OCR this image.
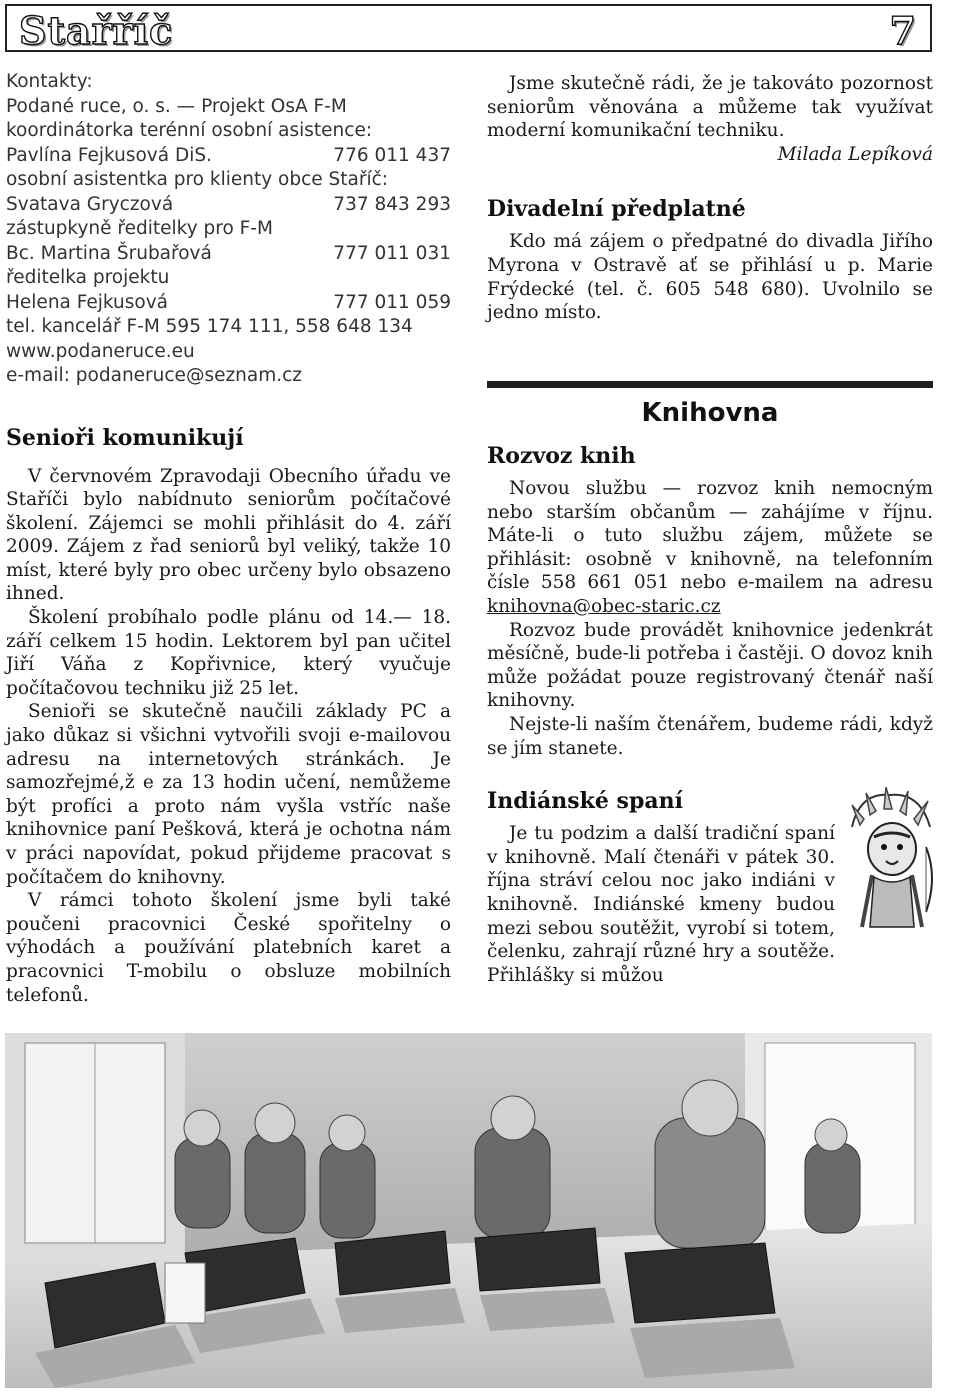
Stařříč	7

Kontakty:

Podané ruce, o. s. — Projekt OsA F-M

koordinátorka terénní osobní asistence:

Pavlína Fejkusová DiS.	776 011 437

osobní asistentka pro klienty obce Staříč:

Svatava Gryczová	737 843 293

zástupkyně ředitelky pro F-M

Bc. Martina Šrubařová	777 011 031

ředitelka projektu

Helena Fejkusová	777 011 059

tel. kancelář F-M 595 174 111, 558 648 134

www.podaneruce.eu

e-mail: podaneruce@seznam.cz

Senioři komunikují

V červnovém Zpravodaji Obecního úřadu ve Staříči bylo nabídnuto seniorům počítačové školení. Zájemci se mohli přihlásit do 4. září 2009. Zájem z řad seniorů byl veliký, takže 10 míst, které byly pro obec určeny bylo obsazeno ihned.

Školení probíhalo podle plánu od 14.— 18. září celkem 15 hodin. Lektorem byl pan učitel Jiří Váňa z Kopřivnice, který vyučuje počítačovou techniku již 25 let.

Senioři se skutečně naučili základy PC a jako důkaz si všichni vytvořili svoji e-mailovou adresu na internetových stránkách. Je samozřejmé,ž e za 13 hodin učení, nemůžeme být profíci a proto nám vyšla vstříc naše knihovnice paní Pešková, která je ochotna nám v práci napovídat, pokud přijdeme pracovat s počítačem do knihovny.

V rámci tohoto školení jsme byli také poučeni pracovnici České spořitelny o výhodách a používání platebních karet a pracovnici T-mobilu o obsluze mobilních telefonů.

Jsme skutečně rádi, že je takováto pozornost seniorům věnována a můžeme tak využívat moderní komunikační techniku.

Milada Lepíková

Divadelní předplatné

Kdo má zájem o předpatné do divadla Jiřího Myrona v Ostravě ať se přihlásí u p. Marie Frýdecké (tel. č. 605 548 680). Uvolnilo se jedno místo.

Knihovna
Rozvoz knih

Novou službu — rozvoz knih nemocným nebo starším občanům — zahájíme v říjnu. Máte-li o tuto službu zájem, můžete se přihlásit: osobně v knihovně, na telefonním čísle 558 661 051 nebo e-mailem na adresu knihovna@obec-staric.cz

Rozvoz bude provádět knihovnice jedenkrát měsíčně, bude-li potřeba i častěji. O dovoz knih může požádat pouze registrovaný čtenář naší knihovny.

Nejste-li naším čtenářem, budeme rádi, když se jím stanete.

Indiánské spaní

Je tu podzim a další tradiční spaní v knihovně. Malí čtenáři v pátek 30. října stráví celou noc jako indiáni v knihovně. Indiánské kmeny budou mezi sebou soutěžit, vyrobí si totem, čelenku, zahrají různé hry a soutěže. Přihlášky si můžou
